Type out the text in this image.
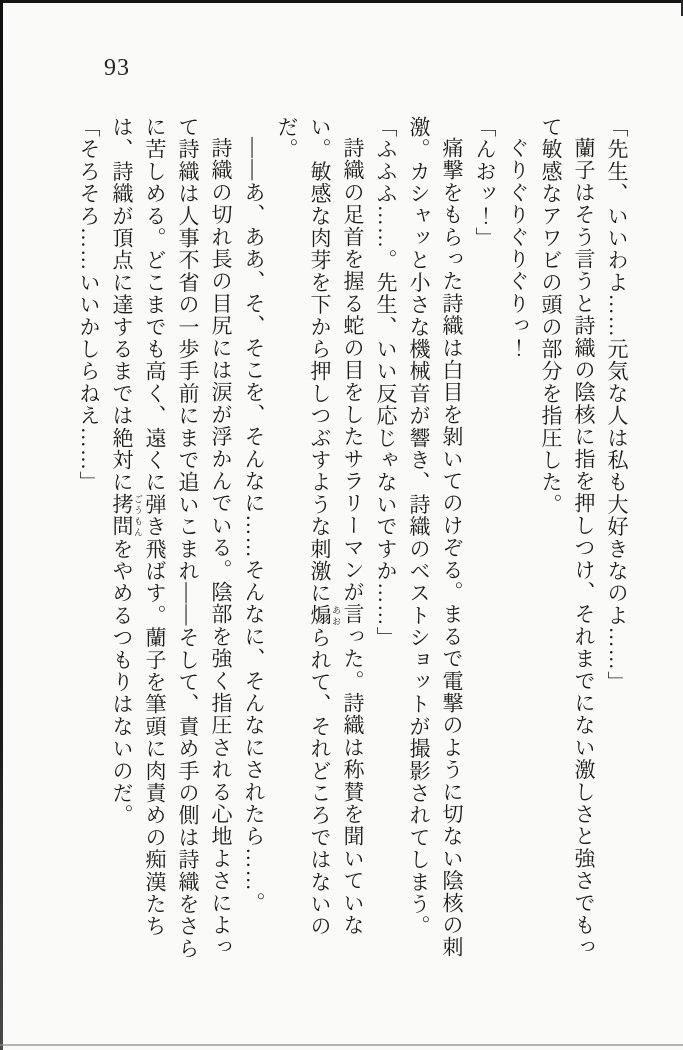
93

「先生、いいわよ……元気な人は私も大好きなのよ……」

蘭子はそう言うと詩織の陰核に指を押しつけ、それまでにない激しさと強さでもって敏感なアワビの頭の部分を指圧した。

ぐりぐりぐりぐりっ！

「んおッ！」

痛撃をもらった詩織は白目を剝いてのけぞる。まるで電撃のように切ない陰核の刺激。カシャッと小さな機械音が響き、詩織のベストショットが撮影されてしまう。

「ふふふ……。先生、いい反応じゃないですか……」

詩織の足首を握る蛇の目をしたサラリーマンが言った。詩織は称賛を聞いていない。敏感な肉芽を下から押しつぶすような刺激に煽 あおられて、それどころではないのだ。

――あ、ああ、そ、そこを、そんなに……そんなに、そんなにされたら……。

詩織の切れ長の目尻には涙が浮かんでいる。陰部を強く指圧される心地よさによって詩織は人事不省の一歩手前にまで追いこまれ――そして、責め手の側は詩織をさらに苦しめる。どこまでも高く、遠くに弾き飛ばす。蘭子を筆頭に肉責めの痴漢たちは、詩織が頂点に達するまでは絶対に拷問 ごうもんをやめるつもりはないのだ。

「そろそろ……いいかしらねえ……」
